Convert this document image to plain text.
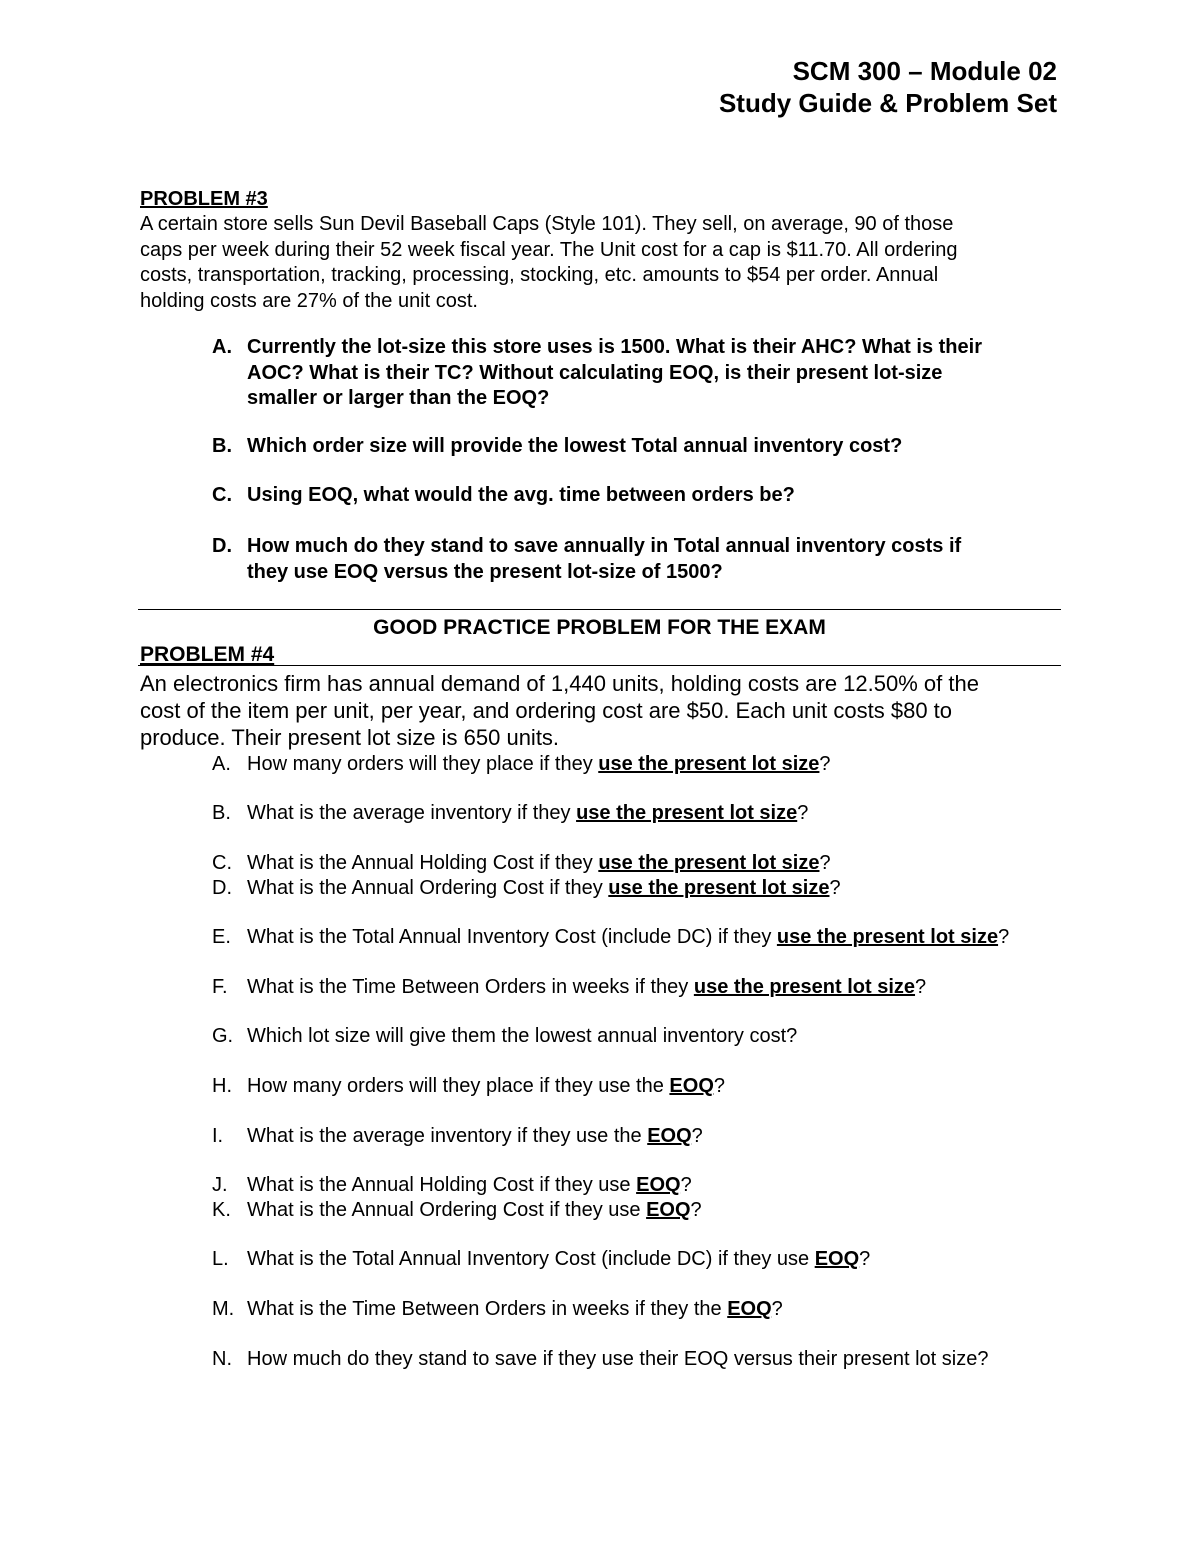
SCM 300 – Module 02
Study Guide & Problem Set
PROBLEM #3
A certain store sells Sun Devil Baseball Caps (Style 101). They sell, on average, 90 of those
caps per week during their 52 week fiscal year. The Unit cost for a cap is $11.70. All ordering
costs, transportation, tracking, processing, stocking, etc. amounts to $54 per order. Annual
holding costs are 27% of the unit cost.
A. Currently the lot-size this store uses is 1500. What is their AHC? What is their
AOC? What is their TC? Without calculating EOQ, is their present lot-size
smaller or larger than the EOQ?
B. Which order size will provide the lowest Total annual inventory cost?
C. Using EOQ, what would the avg. time between orders be?
D. How much do they stand to save annually in Total annual inventory costs if
they use EOQ versus the present lot-size of 1500?
GOOD PRACTICE PROBLEM FOR THE EXAM
PROBLEM #4
An electronics firm has annual demand of 1,440 units, holding costs are 12.50% of the
cost of the item per unit, per year, and ordering cost are $50. Each unit costs $80 to
produce. Their present lot size is 650 units.
A. How many orders will they place if they use the present lot size?
B. What is the average inventory if they use the present lot size?
C. What is the Annual Holding Cost if they use the present lot size?
D. What is the Annual Ordering Cost if they use the present lot size?
E. What is the Total Annual Inventory Cost (include DC) if they use the present lot size?
F. What is the Time Between Orders in weeks if they use the present lot size?
G. Which lot size will give them the lowest annual inventory cost?
H. How many orders will they place if they use the EOQ?
I. What is the average inventory if they use the EOQ?
J. What is the Annual Holding Cost if they use EOQ?
K. What is the Annual Ordering Cost if they use EOQ?
L. What is the Total Annual Inventory Cost (include DC) if they use EOQ?
M. What is the Time Between Orders in weeks if they the EOQ?
N. How much do they stand to save if they use their EOQ versus their present lot size?
